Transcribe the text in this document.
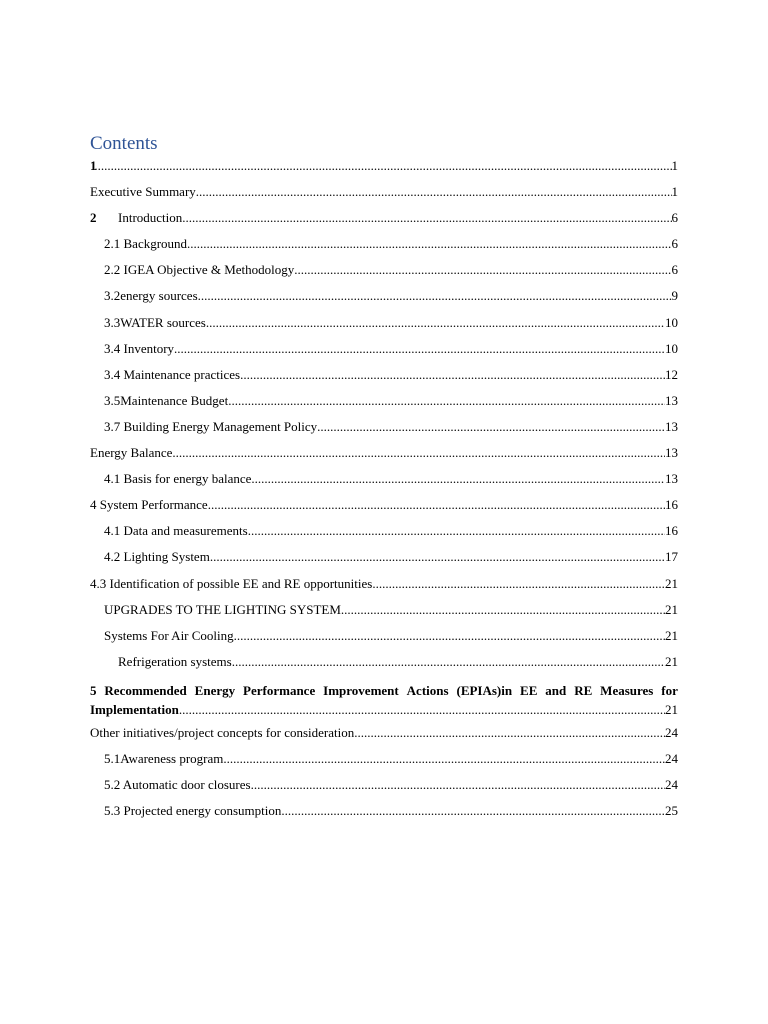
Contents
1 .....	1
Executive Summary .....	1
2	Introduction .....	6
2.1 Background .....	6
2.2 IGEA Objective & Methodology .....	6
3.2energy sources .....	9
3.3WATER sources .....	10
3.4 Inventory .....	10
3.4 Maintenance practices .....	12
3.5Maintenance Budget .....	13
3.7 Building Energy Management Policy .....	13
Energy Balance .....	13
4.1 Basis for energy balance .....	13
4 System Performance .....	16
4.1 Data and measurements .....	16
4.2 Lighting System .....	17
4.3 Identification of possible EE and RE opportunities .....	21
UPGRADES TO THE LIGHTING SYSTEM .....	21
Systems For Air Cooling .....	21
Refrigeration systems .....	21
5 Recommended Energy Performance Improvement Actions (EPIAs)in EE and RE Measures for
Implementation .....	21
Other initiatives/project concepts for consideration .....	24
5.1Awareness program .....	24
5.2 Automatic door closures .....	24
5.3 Projected energy consumption .....	25
